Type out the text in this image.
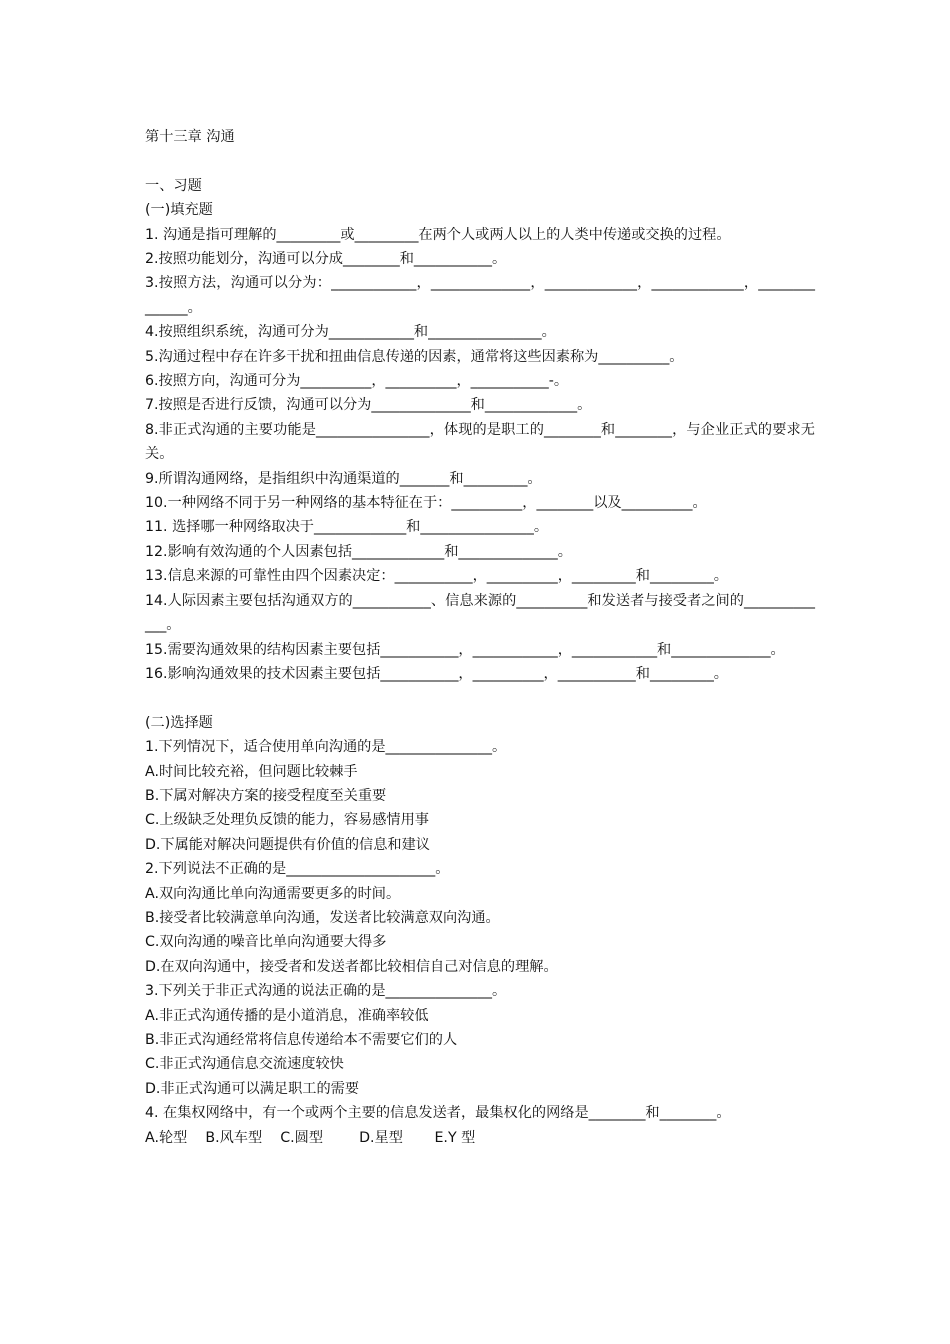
第十三章 沟通
一、习题
(一)填充题
1. 沟通是指可理解的_________或_________在两个人或两人以上的人类中传递或交换的过程。
2.按照功能划分，沟通可以分成________和___________。
3.按照方法，沟通可以分为：____________，______________，_____________，_____________，______________。
4.按照组织系统，沟通可分为____________和________________。
5.沟通过程中存在许多干扰和扭曲信息传递的因素，通常将这些因素称为__________。
6.按照方向，沟通可分为__________，__________，___________-。
7.按照是否进行反馈，沟通可以分为______________和_____________。
8.非正式沟通的主要功能是________________，体现的是职工的________和________，与企业正式的要求无关。
9.所谓沟通网络，是指组织中沟通渠道的_______和_________。
10.一种网络不同于另一种网络的基本特征在于：__________，________以及__________。
11. 选择哪一种网络取决于_____________和________________。
12.影响有效沟通的个人因素包括_____________和______________。
13.信息来源的可靠性由四个因素决定：___________，__________，_________和_________。
14.人际因素主要包括沟通双方的___________、信息来源的__________和发送者与接受者之间的_____________。
15.需要沟通效果的结构因素主要包括___________，____________，____________和______________。
16.影响沟通效果的技术因素主要包括___________，__________，___________和_________。
(二)选择题
1.下列情况下，适合使用单向沟通的是_______________。
A.时间比较充裕，但问题比较棘手
B.下属对解决方案的接受程度至关重要
C.上级缺乏处理负反馈的能力，容易感情用事
D.下属能对解决问题提供有价值的信息和建议
2.下列说法不正确的是_____________________。
A.双向沟通比单向沟通需要更多的时间。
B.接受者比较满意单向沟通，发送者比较满意双向沟通。
C.双向沟通的噪音比单向沟通要大得多
D.在双向沟通中，接受者和发送者都比较相信自己对信息的理解。
3.下列关于非正式沟通的说法正确的是_______________。
A.非正式沟通传播的是小道消息，准确率较低
B.非正式沟通经常将信息传递给本不需要它们的人
C.非正式沟通信息交流速度较快
D.非正式沟通可以满足职工的需要
4. 在集权网络中，有一个或两个主要的信息发送者，最集权化的网络是________和________。
A.轮型    B.风车型    C.圆型        D.星型       E.Y 型
